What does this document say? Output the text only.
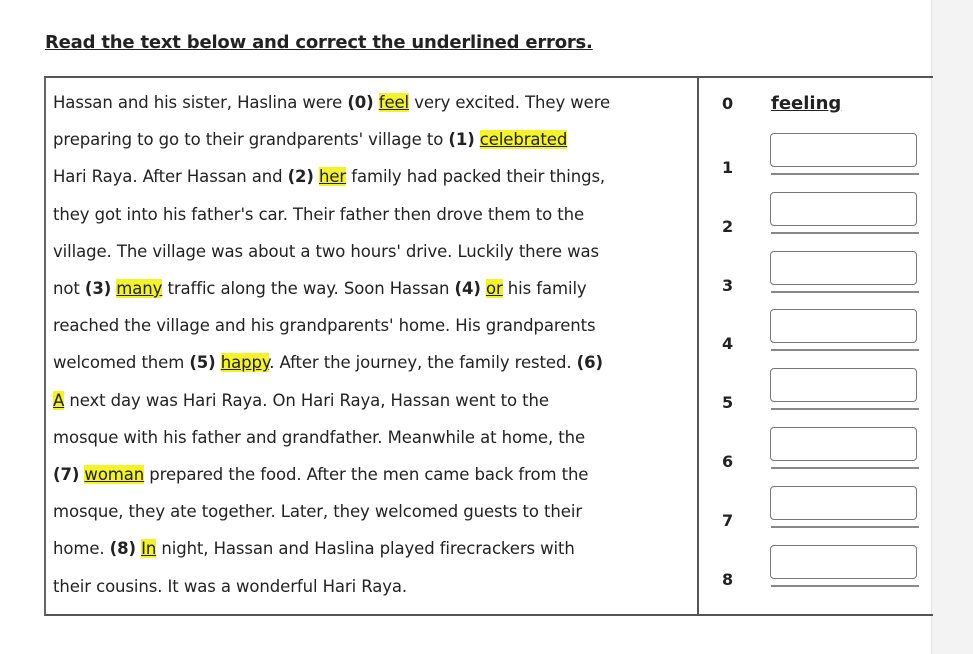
Read the text below and correct the underlined errors.
Hassan and his sister, Haslina were (0) feel very excited. They were
preparing to go to their grandparents' village to (1) celebrated
Hari Raya. After Hassan and (2) her family had packed their things,
they got into his father's car. Their father then drove them to the
village. The village was about a two hours' drive. Luckily there was
not (3) many traffic along the way. Soon Hassan (4) or his family
reached the village and his grandparents' home. His grandparents
welcomed them (5) happy. After the journey, the family rested. (6)
A next day was Hari Raya. On Hari Raya, Hassan went to the
mosque with his father and grandfather. Meanwhile at home, the
(7) woman prepared the food. After the men came back from the
mosque, they ate together. Later, they welcomed guests to their
home. (8) In night, Hassan and Haslina played firecrackers with
their cousins. It was a wonderful Hari Raya.
0 feeling
1
2
3
4
5
6
7
8
